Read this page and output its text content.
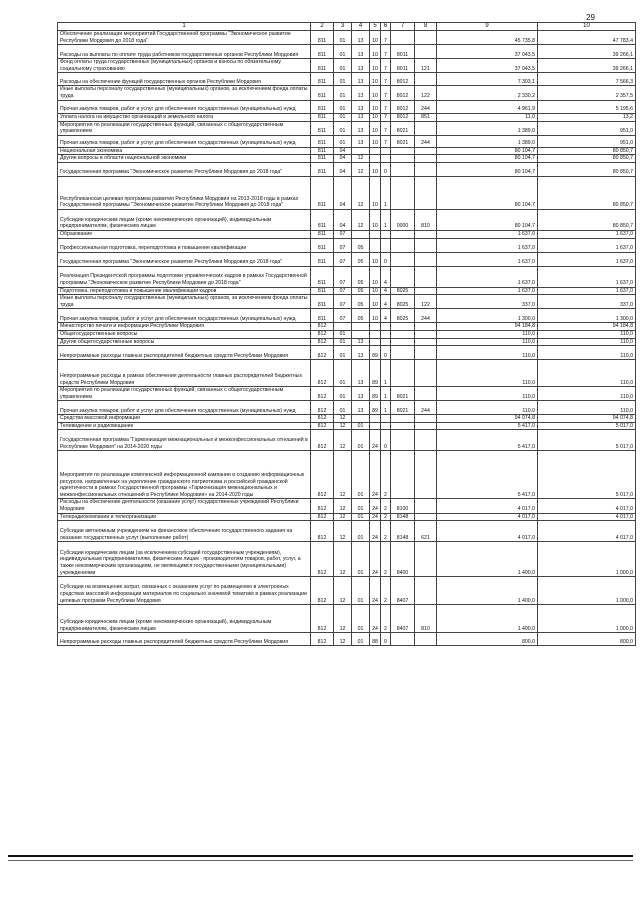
29
1	2	3	4	5	6	7	8	9	10
Обеспечение реализации мероприятий Государственной программы "Экономическое развитие Республики Мордовия до 2018 года"	811	01	13	10	7			45 735,8	47 783,4
Расходы на выплаты по оплате труда работников государственных органов Республики Мордовия	811	01	13	10	7	8011		37 043,5	39 266,1
Фонд оплаты труда государственных (муниципальных) органов и взносы по обязательному социальному страхованию	811	01	13	10	7	8011	121	37 043,5	39 266,1
Расходы на обеспечение функций государственных органов Республики Мордовия	811	01	13	10	7	8012		7 303,1	7 566,3
Иные выплаты персоналу государственных (муниципальных) органов, за исключением фонда оплаты труда	811	01	13	10	7	8012	122	2 330,2	2 357,5
Прочая закупка товаров, работ и услуг для обеспечения государственных (муниципальных) нужд	811	01	13	10	7	8012	244	4 961,9	5 195,6
Уплата налога на имущество организаций и земельного налога	811	01	13	10	7	8012	851	11,0	13,2
Мероприятия по реализации государственных функций, связанных с общегосударственным управлением	811	01	13	10	7	8021		1 389,0	951,0
Прочая закупка товаров, работ и услуг для обеспечения государственных (муниципальных) нужд	811	01	13	10	7	8021	244	1 389,0	951,0
Национальная экономика	811	04						80 104,7	80 850,7
Другие вопросы в области национальной экономики	811	04	12					80 104,7	80 850,7
Государственная программа "Экономическое развитие Республики Мордовия до 2018 года"	811	04	12	10	0			80 104,7	80 850,7
Республиканская целевая программа развития Республики Мордовия на 2013-2018 годы в рамках Государственной программы "Экономическое развитие Республики Мордовия до 2018 года"	811	04	12	10	1			80 104,7	80 850,7
Субсидии юридическим лицам (кроме некоммерческих организаций), индивидуальным предпринимателям, физическим лицам	811	04	12	10	1	0000	810	80 104,7	80 850,7
Образование	811	07						1 637,0	1 637,0
Профессиональная подготовка, переподготовка и повышение квалификации	811	07	05					1 637,0	1 637,0
Государственная программа "Экономическое развитие Республики Мордовия до 2018 года"	811	07	05	10	0			1 637,0	1 637,0
Реализация Президентской программы подготовки управленческих кадров в рамках Государственной программы "Экономическое развитие Республики Мордовия до 2018 года"	811	07	05	10	4			1 637,0	1 637,0
Подготовка, переподготовка и повышение квалификации кадров	811	07	05	10	4	8025		1 637,0	1 637,0
Иные выплаты персоналу государственных (муниципальных) органов, за исключением фонда оплаты труда	811	07	05	10	4	8025	122	337,0	337,0
Прочая закупка товаров, работ и услуг для обеспечения государственных (муниципальных) нужд	811	07	05	10	4	8025	244	1 300,0	1 300,0
Министерство печати и информации Республики Мордовия	812							94 184,8	94 184,8
Общегосударственные вопросы	812	01						110,0	110,0
Другие общегосударственные вопросы	812	01	13					110,0	110,0
Непрограммные расходы главных распорядителей бюджетных средств Республики Мордовия	812	01	13	89	0			110,0	110,0
Непрограммные расходы в рамках обеспечения деятельности главных распорядителей бюджетных средств Республики Мордовия	812	01	13	89	1			110,0	110,0
Мероприятия по реализации государственных функций, связанных с общегосударственным управлением	812	01	13	89	1	8021		110,0	110,0
Прочая закупка товаров, работ и услуг для обеспечения государственных (муниципальных) нужд	812	01	13	89	1	8021	244	110,0	110,0
Средства массовой информации	812	12						94 074,8	94 074,8
Телевидение и радиовещание	812	12	01					5 417,0	5 017,0
Государственная программа "Гармонизация межнациональных и межконфессиональных отношений в Республике Мордовия" на 2014-2020 годы	812	12	01	24	0			5 417,0	5 017,0
Мероприятия по реализации комплексной информационной кампании и созданию информационных ресурсов, направленных на укрепление гражданского патриотизма и российской гражданской идентичности в рамках Государственной программы «Гармонизация межнациональных и межконфессиональных отношений в Республике Мордовия» на 2014-2020 годы	812	12	01	24	2			5 417,0	5 017,0
Расходы на обеспечение деятельности (оказание услуг) государственных учреждений Республики Мордовия	812	12	01	24	2	8100		4 017,0	4 017,0
Телерадиокомпании и телеорганизации	812	12	01	24	2	8148		4 017,0	4 017,0
Субсидии автономным учреждениям на финансовое обеспечение государственного задания на оказание государственных услуг (выполнение работ)	812	12	01	24	2	8148	621	4 017,0	4 017,0
Субсидии юридическим лицам (за исключением субсидий государственным учреждениям), индивидуальным предпринимателям, физическим лицам - производителям товаров, работ, услуг, а также некоммерческим организациям, не являющимся государственными (муниципальными) учреждениями	812	12	01	24	2	8400		1 400,0	1 000,0
Субсидии на возмещение затрат, связанных с оказанием услуг по размещению в электронных средствах массовой информации материалов по социально значимой тематике в рамках реализации целевых программ Республики Мордовия	812	12	01	24	2	8407		1 400,0	1 000,0
Субсидии юридическим лицам (кроме некоммерческих организаций), индивидуальным предпринимателям, физическим лицам	812	12	01	24	2	8407	810	1 400,0	1 000,0
Непрограммные расходы главных распорядителей бюджетных средств Республики Мордовия	812	12	01	88	0			800,0	800,0
